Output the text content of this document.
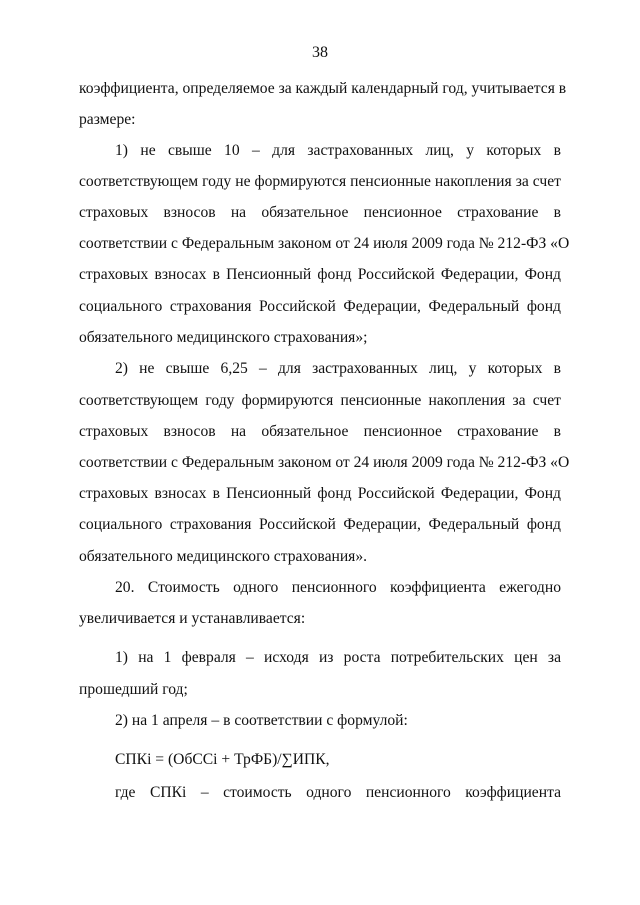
38
коэффициента, определяемое за каждый календарный год, учитывается в
размере:
1) не свыше 10 – для застрахованных лиц, у которых в
соответствующем году не формируются пенсионные накопления за счет
страховых взносов на обязательное пенсионное страхование в
соответствии с Федеральным законом от 24 июля 2009 года № 212-ФЗ «О
страховых взносах в Пенсионный фонд Российской Федерации, Фонд
социального страхования Российской Федерации, Федеральный фонд
обязательного медицинского страхования»;
2) не свыше 6,25 – для застрахованных лиц, у которых в
соответствующем году формируются пенсионные накопления за счет
страховых взносов на обязательное пенсионное страхование в
соответствии с Федеральным законом от 24 июля 2009 года № 212-ФЗ «О
страховых взносах в Пенсионный фонд Российской Федерации, Фонд
социального страхования Российской Федерации, Федеральный фонд
обязательного медицинского страхования».
20. Стоимость одного пенсионного коэффициента ежегодно
увеличивается и устанавливается:
1) на 1 февраля – исходя из роста потребительских цен за
прошедший год;
2) на 1 апреля – в соответствии с формулой:
СПКi = (ОбССi + ТрФБ)/∑ИПК,
где СПКi – стоимость одного пенсионного коэффициента
